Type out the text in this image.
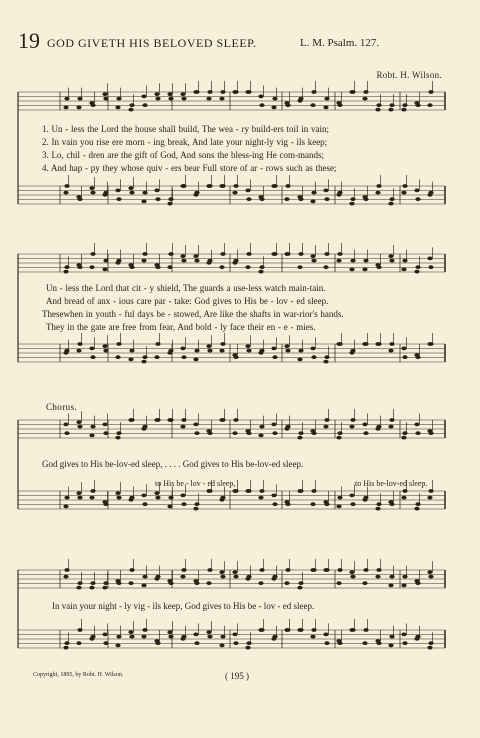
19 GOD GIVETH HIS BELOVED SLEEP.	L. M. Psalm. 127.
Robt. H. Wilson.
1. Un - less the Lord the house shall build, The wea - ry build-ers toil in vain;
2. In vain you rise ere morn - ing break, And late your night-ly vig - ils keep;
3. Lo, chil - dren are the gift of God, And sons the bless-ing He com-mands;
4. And hap - py they whose quiv - ers bear Full store of ar - rows such as these;
Un - less the Lord that cit - y shield, The guards a use-less watch main-tain.
And bread of anx - ious care par - take: God gives to His be - lov - ed sleep.
Thesewhen in youth - ful days be - stowed, Are like the shafts in war-rior's hands.
They in the gate are free from fear, And bold - ly face their en - e - mies.
Chorus.
God gives to His be-lov-ed sleep, . . . . God gives to His be-lov-ed sleep.
to His be - lov - ed sleep,	to His be-lov-ed sleep.
In vain your night - ly vig - ils keep, God gives to His be - lov - ed sleep.
Copyright, 1895, by Robt. H. Wilson.	( 195 )
